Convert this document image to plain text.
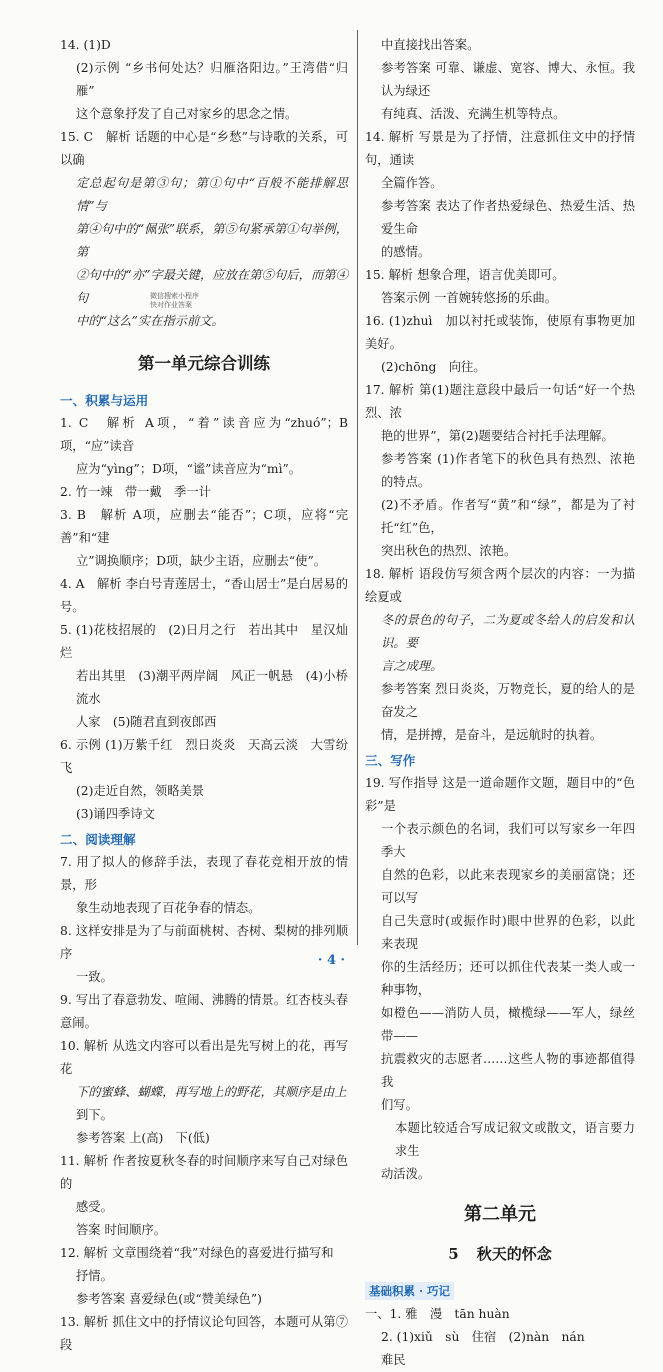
14. (1)D

(2)示例 “乡书何处达？归雁洛阳边。”王湾借“归雁”

这个意象抒发了自己对家乡的思念之情。

15. C　解析 话题的中心是“乡愁”与诗歌的关系，可以确

定总起句是第③句；第①句中“百般不能排解思情”与

第④句中的“佩张”联系，第⑤句紧承第①句举例，第

②句中的“亦”字最关键，应放在第⑤句后，而第④句

中的“这么”实在指示前文。

第一单元综合训练
一、积累与运用

1. C　解析 A项，“着”读音应为“zhuó”；B项，“应”读音

应为“yìng”；D项，“谧”读音应为“mì”。

2. 竹一竦　带一戴　季一计

3. B　解析 A项，应删去“能否”；C项，应将“完善”和“建

立”调换顺序；D项，缺少主语，应删去“使”。

4. A　解析 李白号青莲居士，“香山居士”是白居易的号。

5. (1)花枝招展的　(2)日月之行　若出其中　星汉灿烂

若出其里　(3)潮平两岸阔　风正一帆悬　(4)小桥流水

人家　(5)随君直到夜郎西

6. 示例 (1)万紫千红　烈日炎炎　天高云淡　大雪纷飞

(2)走近自然，领略美景

(3)诵四季诗文

二、阅读理解

7. 用了拟人的修辞手法，表现了春花竞相开放的情景，形

象生动地表现了百花争春的情态。

8. 这样安排是为了与前面桃树、杏树、梨树的排列顺序

一致。

9. 写出了春意勃发、喧闹、沸腾的情景。红杏枝头春意闹。

10. 解析 从选文内容可以看出是先写树上的花，再写花

下的蜜蜂、蝴蝶，再写地上的野花，其顺序是由上

到下。

参考答案 上(高)　下(低)

11. 解析 作者按夏秋冬春的时间顺序来写自己对绿色的

感受。

答案 时间顺序。

12. 解析 文章围绕着“我”对绿色的喜爱进行描写和

抒情。

参考答案 喜爱绿色(或“赞美绿色”)

13. 解析 抓住文中的抒情议论句回答，本题可从第⑦段

微信搜索小程序
快对作业答案

中直接找出答案。

参考答案 可靠、谦虚、宽容、博大、永恒。我认为绿还

有纯真、活泼、充满生机等特点。

14. 解析 写景是为了抒情，注意抓住文中的抒情句，通读

全篇作答。

参考答案 表达了作者热爱绿色、热爱生活、热爱生命

的感情。

15. 解析 想象合理，语言优美即可。

答案示例 一首婉转悠扬的乐曲。

16. (1)zhuì　加以衬托或装饰，使原有事物更加美好。

(2)chōng　向往。

17. 解析 第(1)题注意段中最后一句话“好一个热烈、浓

艳的世界”，第(2)题要结合衬托手法理解。

参考答案 (1)作者笔下的秋色具有热烈、浓艳的特点。

(2)不矛盾。作者写“黄”和“绿”，都是为了衬托“红”色，

突出秋色的热烈、浓艳。

18. 解析 语段仿写须含两个层次的内容：一为描绘夏或

冬的景色的句子，二为夏或冬给人的启发和认识。要

言之成理。

参考答案 烈日炎炎，万物竞长，夏的给人的是奋发之

情，是拼搏，是奋斗，是远航时的执着。

三、写作

19. 写作指导 这是一道命题作文题，题目中的“色彩”是

一个表示颜色的名词，我们可以写家乡一年四季大

自然的色彩，以此来表现家乡的美丽富饶；还可以写

自己失意时(或振作时)眼中世界的色彩，以此来表现

你的生活经历；还可以抓住代表某一类人或一种事物，

如橙色——消防人员，橄榄绿——军人，绿丝带——

抗震救灾的志愿者……这些人物的事迹都值得我

们写。

本题比较适合写成记叙文或散文，语言要力求生

动活泼。

第二单元
5 秋天的怀念
基础积累 · 巧记

一、1. 雅　漫　tān huàn

2. (1)xiǔ　sù　住宿　(2)nàn　nán

难民

· 4 ·
